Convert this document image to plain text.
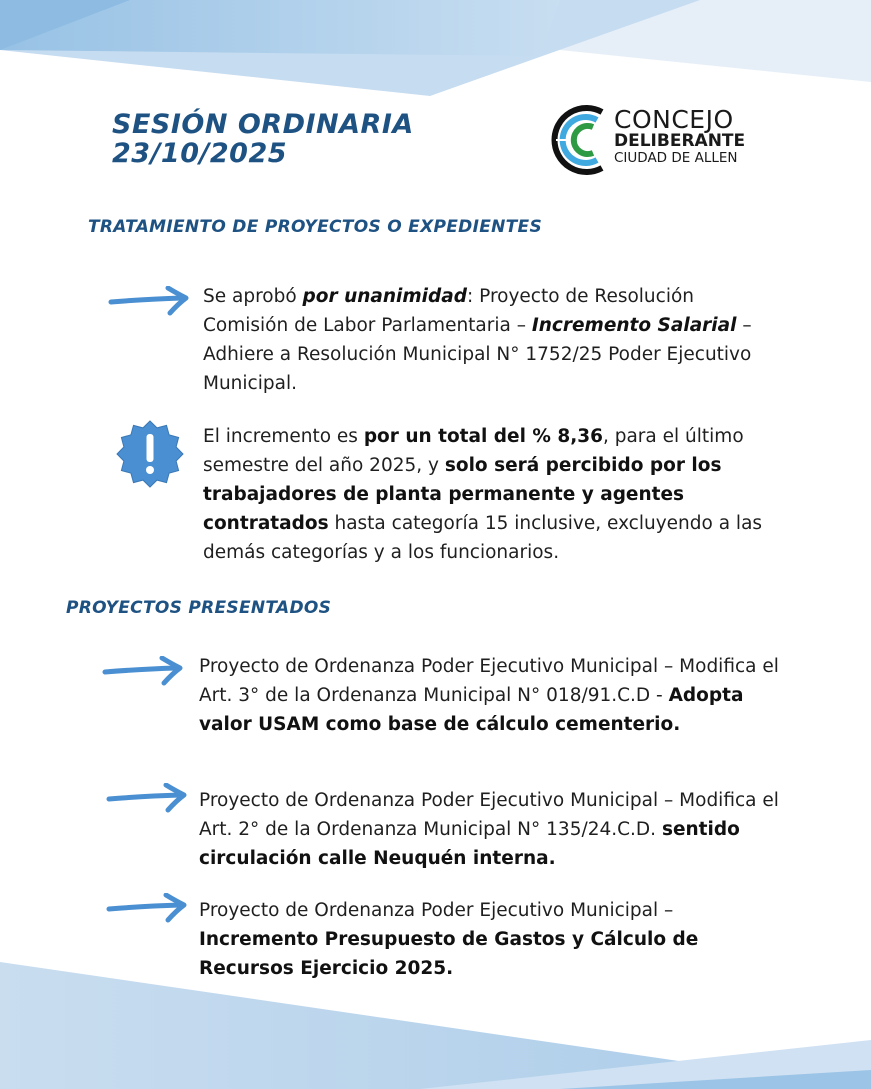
SESIÓN ORDINARIA
23/10/2025
CONCEJO
DELIBERANTE
CIUDAD DE ALLEN
TRATAMIENTO DE PROYECTOS O EXPEDIENTES
Se aprobó por unanimidad: Proyecto de Resolución Comisión de Labor Parlamentaria – Incremento Salarial – Adhiere a Resolución Municipal N° 1752/25 Poder Ejecutivo Municipal.
El incremento es por un total del % 8,36, para el último semestre del año 2025, y solo será percibido por los trabajadores de planta permanente y agentes contratados hasta categoría 15 inclusive, excluyendo a las demás categorías y a los funcionarios.
PROYECTOS PRESENTADOS
Proyecto de Ordenanza Poder Ejecutivo Municipal – Modifica el Art. 3° de la Ordenanza Municipal N° 018/91.C.D - Adopta valor USAM como base de cálculo cementerio.
Proyecto de Ordenanza Poder Ejecutivo Municipal – Modifica el Art. 2° de la Ordenanza Municipal N° 135/24.C.D. sentido circulación calle Neuquén interna.
Proyecto de Ordenanza Poder Ejecutivo Municipal – Incremento Presupuesto de Gastos y Cálculo de Recursos Ejercicio 2025.
